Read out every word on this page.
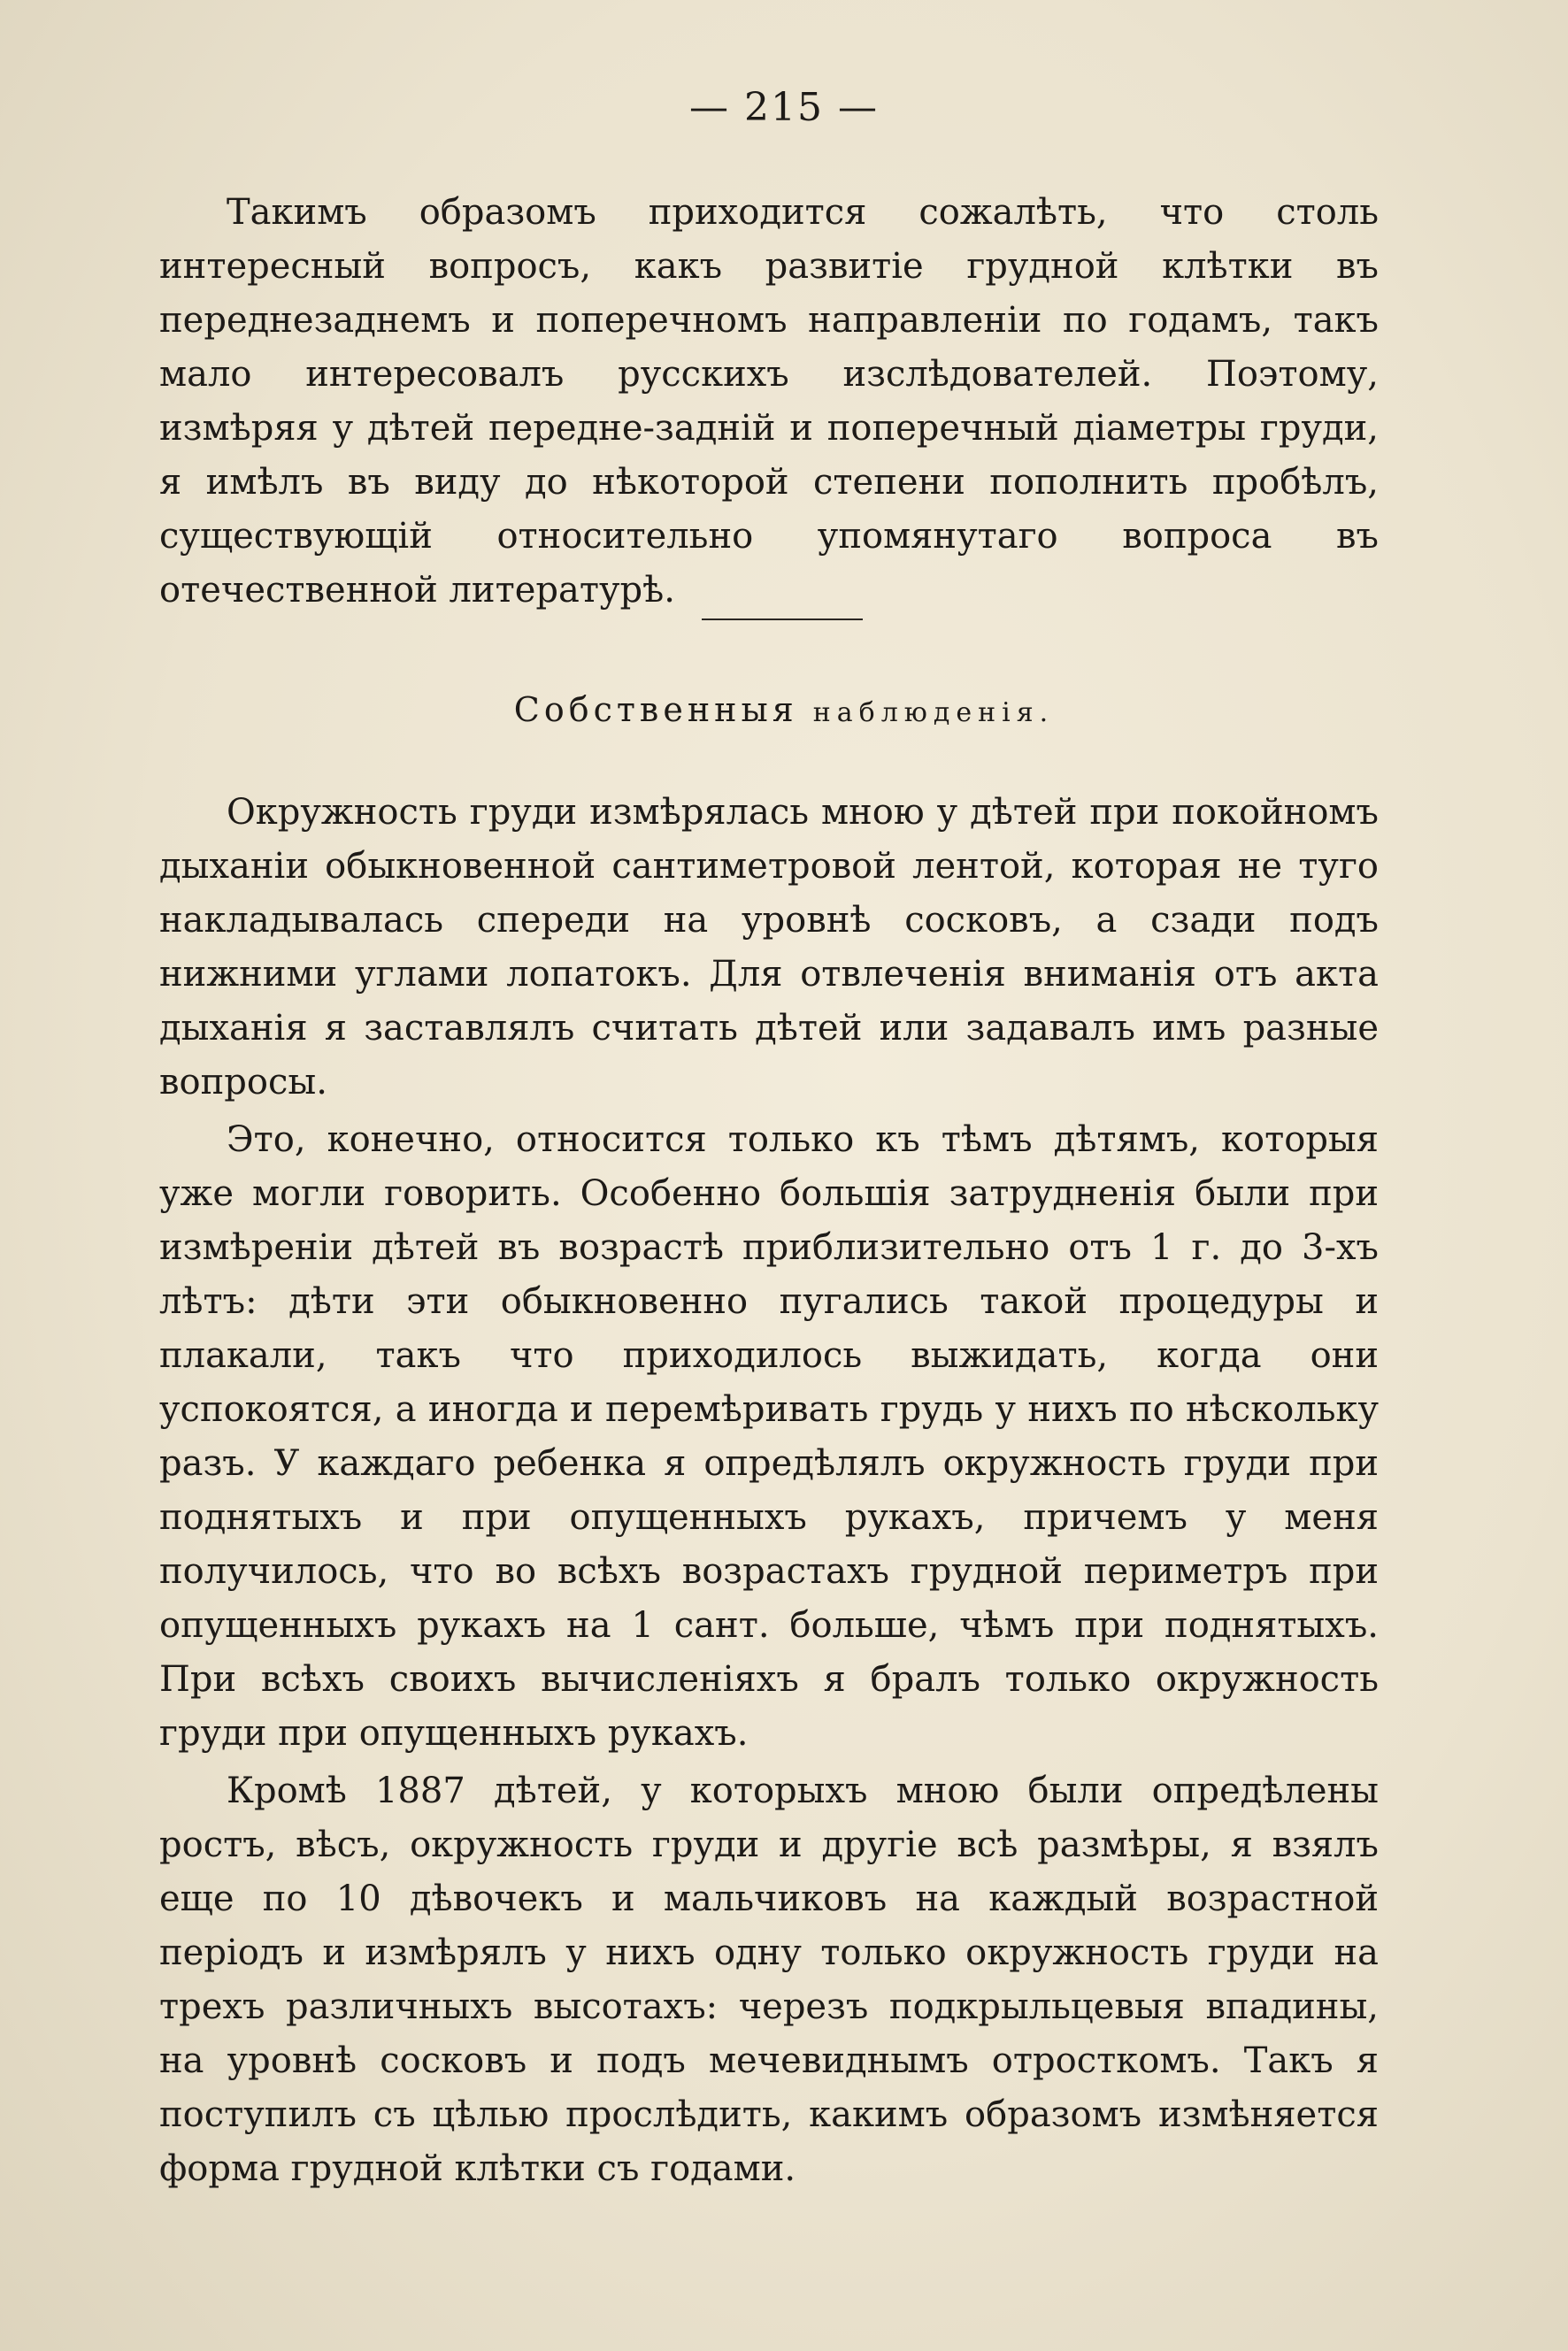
— 215 —

Такимъ образомъ приходится сожалѣть, что столь интересный вопросъ, какъ развитіе грудной клѣтки въ переднезаднемъ и поперечномъ направленіи по годамъ, такъ мало интересовалъ русскихъ изслѣдователей. Поэтому, измѣряя у дѣтей передне-задній и поперечный діаметры груди, я имѣлъ въ виду до нѣкоторой степени пополнить пробѣлъ, существующій относительно упомянутаго вопроса въ отечественной литературѣ.

Собственныя наблюденія.

Окружность груди измѣрялась мною у дѣтей при покойномъ дыханіи обыкновенной сантиметровой лентой, которая не туго накладывалась спереди на уровнѣ сосковъ, а сзади подъ нижними углами лопатокъ. Для отвлеченія вниманія отъ акта дыханія я заставлялъ считать дѣтей или задавалъ имъ разные вопросы.

Это, конечно, относится только къ тѣмъ дѣтямъ, которыя уже могли говорить. Особенно большія затрудненія были при измѣреніи дѣтей въ возрастѣ приблизительно отъ 1 г. до 3-хъ лѣтъ: дѣти эти обыкновенно пугались такой процедуры и плакали, такъ что приходилось выжидать, когда они успокоятся, а иногда и перемѣривать грудь у нихъ по нѣскольку разъ. У каждаго ребенка я опредѣлялъ окружность груди при поднятыхъ и при опущенныхъ рукахъ, причемъ у меня получилось, что во всѣхъ возрастахъ грудной периметръ при опущенныхъ рукахъ на 1 сант. больше, чѣмъ при поднятыхъ. При всѣхъ своихъ вычисленіяхъ я бралъ только окружность груди при опущенныхъ рукахъ.

Кромѣ 1887 дѣтей, у которыхъ мною были опредѣлены ростъ, вѣсъ, окружность груди и другіе всѣ размѣры, я взялъ еще по 10 дѣвочекъ и мальчиковъ на каждый возрастной періодъ и измѣрялъ у нихъ одну только окружность груди на трехъ различныхъ высотахъ: черезъ подкрыльцевыя впадины, на уровнѣ сосковъ и подъ мечевиднымъ отросткомъ. Такъ я поступилъ съ цѣлью прослѣдить, какимъ образомъ измѣняется форма грудной клѣтки съ годами.
